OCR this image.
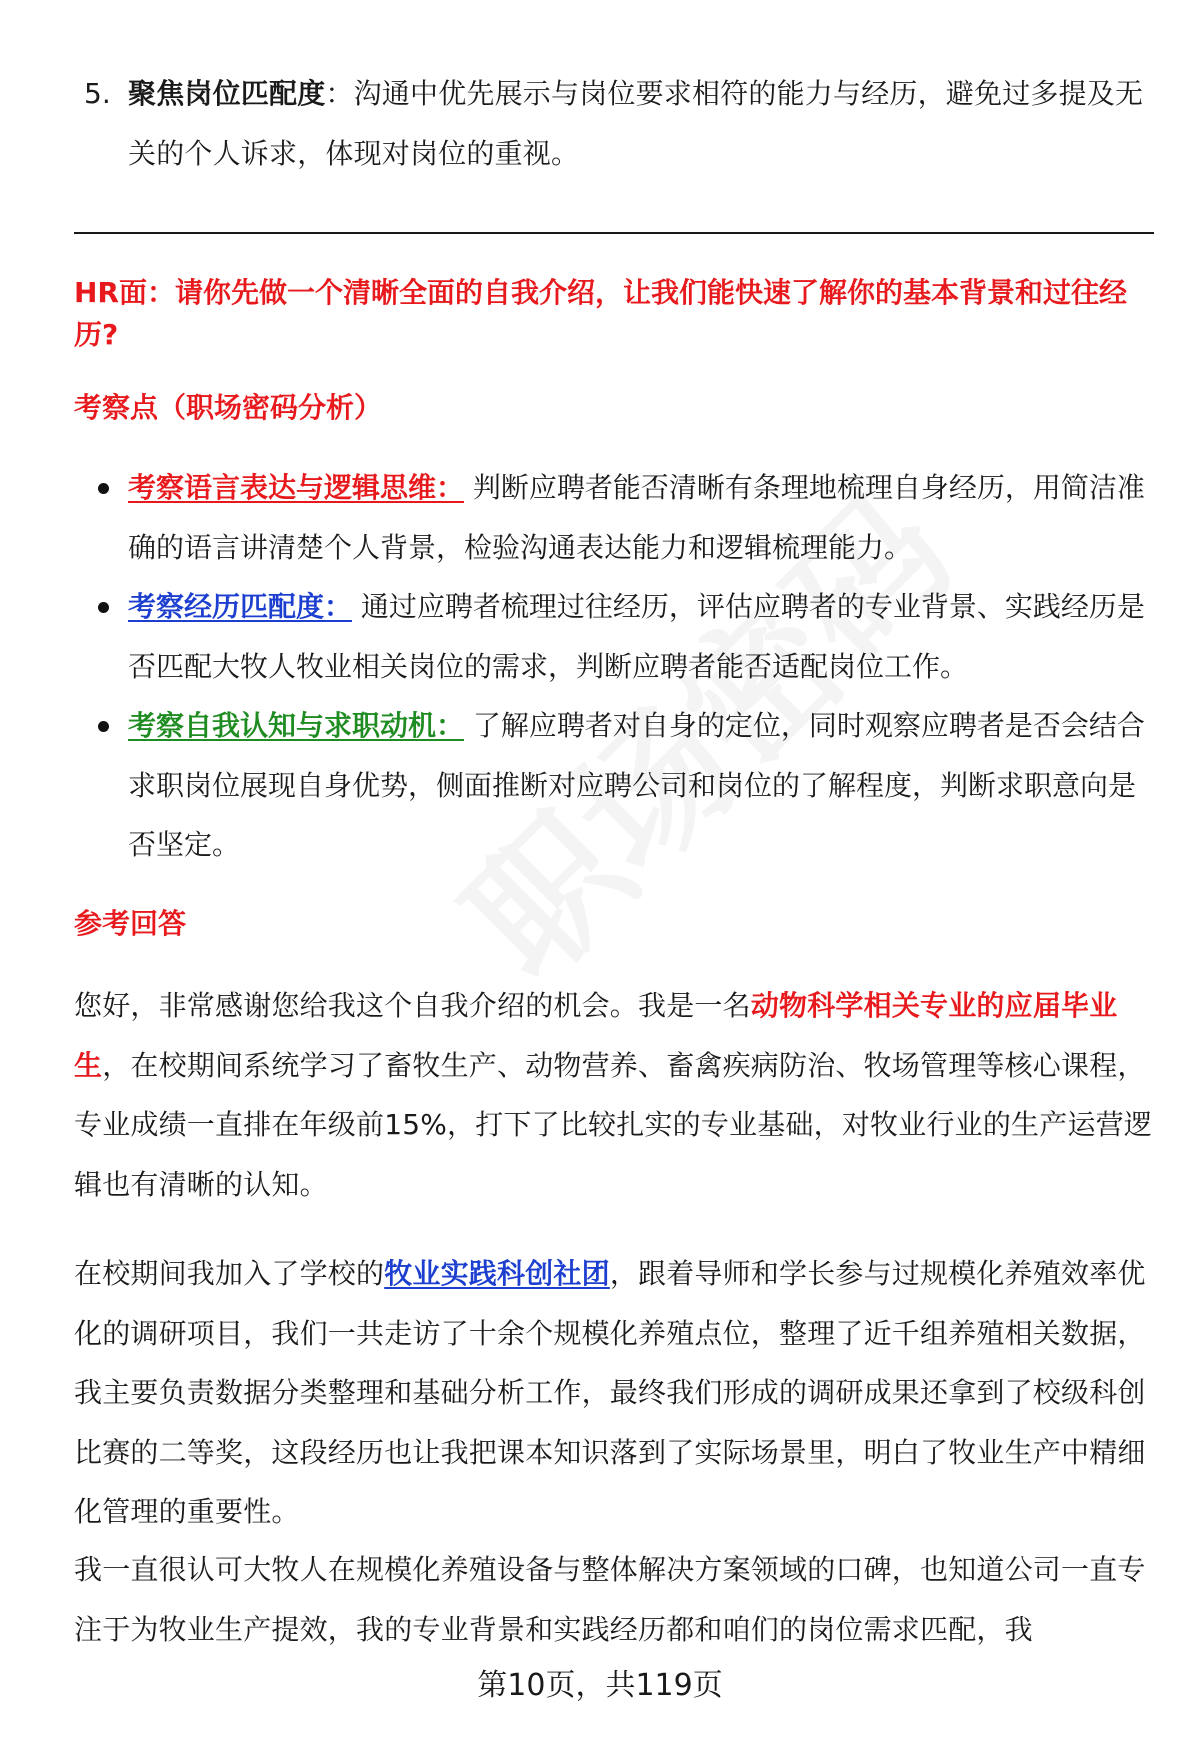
5. 聚焦岗位匹配度：沟通中优先展示与岗位要求相符的能力与经历，避免过多提及无关的个人诉求，体现对岗位的重视。

HR面：请你先做一个清晰全面的自我介绍，让我们能快速了解你的基本背景和过往经历?
考察点（职场密码分析）
考察语言表达与逻辑思维： 判断应聘者能否清晰有条理地梳理自身经历，用简洁准确的语言讲清楚个人背景，检验沟通表达能力和逻辑梳理能力。
考察经历匹配度： 通过应聘者梳理过往经历，评估应聘者的专业背景、实践经历是否匹配大牧人牧业相关岗位的需求，判断应聘者能否适配岗位工作。
考察自我认知与求职动机： 了解应聘者对自身的定位，同时观察应聘者是否会结合求职岗位展现自身优势，侧面推断对应聘公司和岗位的了解程度，判断求职意向是否坚定。
参考回答

您好，非常感谢您给我这个自我介绍的机会。我是一名动物科学相关专业的应届毕业生，在校期间系统学习了畜牧生产、动物营养、畜禽疾病防治、牧场管理等核心课程，专业成绩一直排在年级前15%，打下了比较扎实的专业基础，对牧业行业的生产运营逻辑也有清晰的认知。

在校期间我加入了学校的牧业实践科创社团，跟着导师和学长参与过规模化养殖效率优化的调研项目，我们一共走访了十余个规模化养殖点位，整理了近千组养殖相关数据，我主要负责数据分类整理和基础分析工作，最终我们形成的调研成果还拿到了校级科创比赛的二等奖，这段经历也让我把课本知识落到了实际场景里，明白了牧业生产中精细化管理的重要性。

我一直很认可大牧人在规模化养殖设备与整体解决方案领域的口碑，也知道公司一直专注于为牧业生产提效，我的专业背景和实践经历都和咱们的岗位需求匹配，我

第10页，共119页
